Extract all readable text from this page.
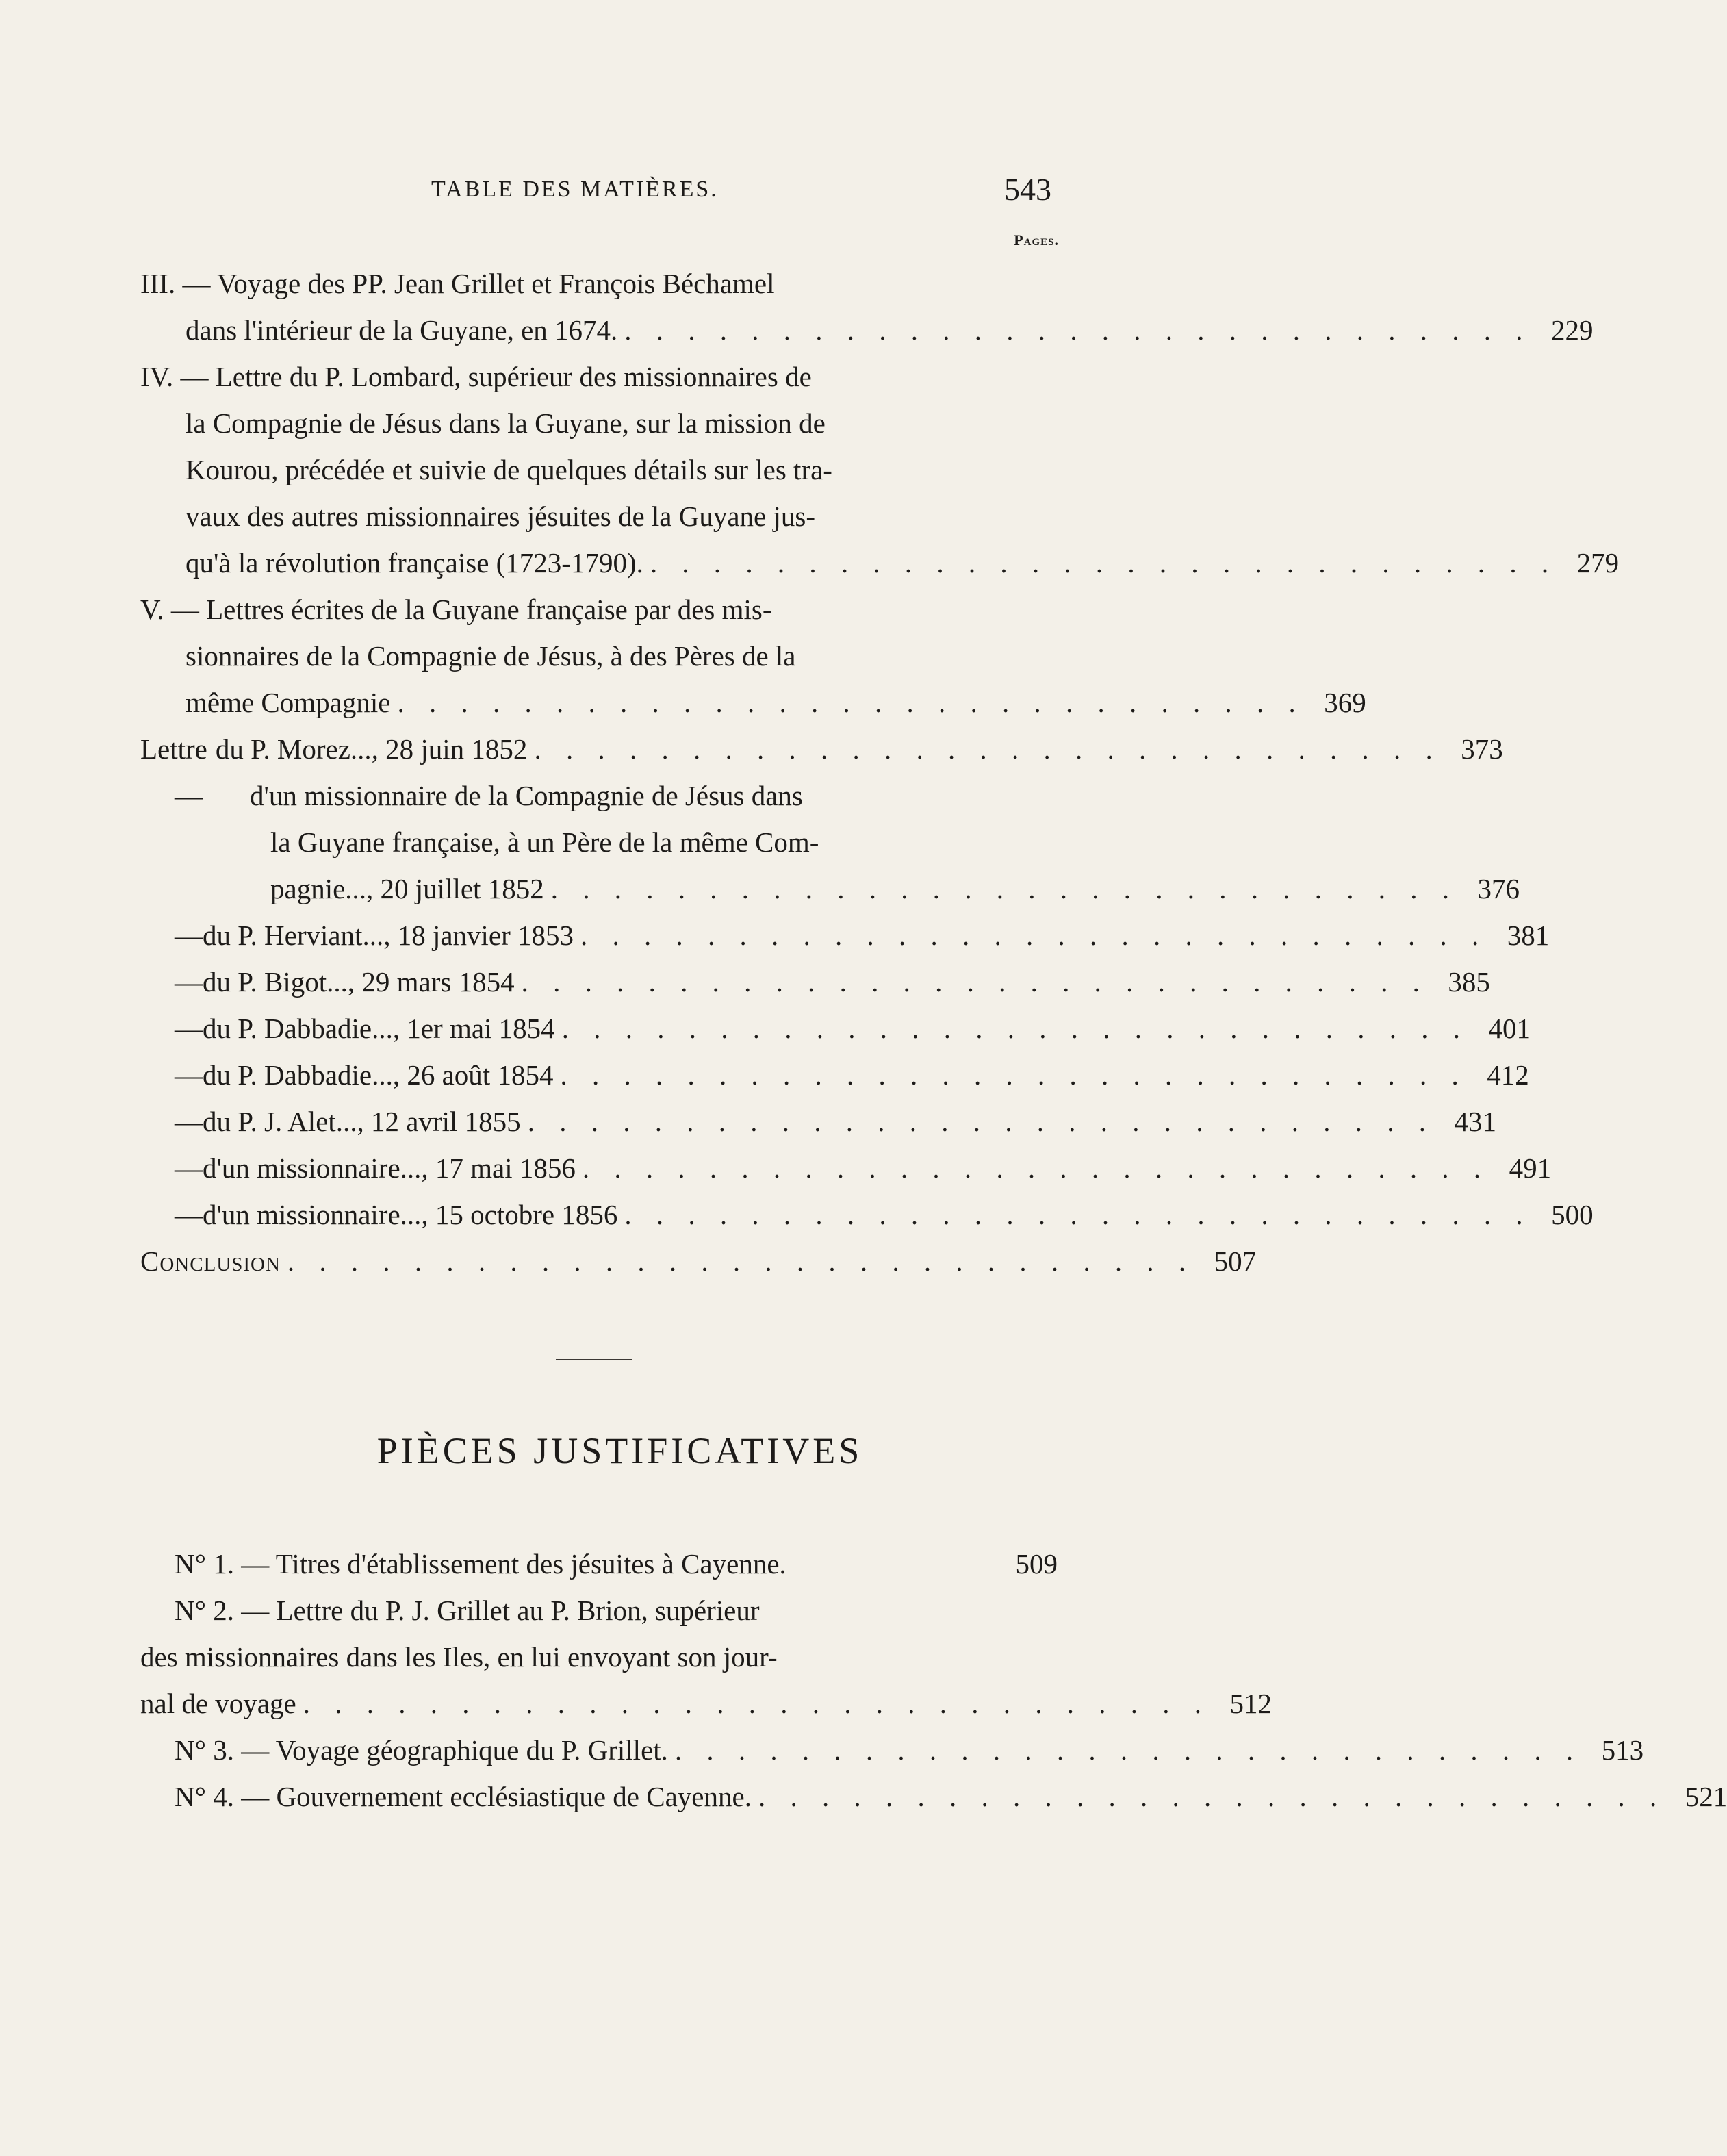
TABLE DES MATIÈRES.	543
Pages.
III. — Voyage des PP. Jean Grillet et François Béchamel
dans l'intérieur de la Guyane, en 1674. . . . . . . . . . . . . . . . . . . . . . . . . . . . . . 229
IV. — Lettre du P. Lombard, supérieur des missionnaires de
la Compagnie de Jésus dans la Guyane, sur la mission de
Kourou, précédée et suivie de quelques détails sur les tra-
vaux des autres missionnaires jésuites de la Guyane jus-
qu'à la révolution française (1723-1790). . . . . . . . . . . . . . . . . . . . . . . . . . . . . . 279
V. — Lettres écrites de la Guyane française par des mis-
sionnaires de la Compagnie de Jésus, à des Pères de la
même Compagnie . . . . . . . . . . . . . . . . . . . . . . . . . . . . . 369
Lettre du P. Morez..., 28 juin 1852 . . . . . . . . . . . . . . . . . . . . . . . . . . . . . 373
— d'un missionnaire de la Compagnie de Jésus dans
la Guyane française, à un Père de la même Com-
pagnie..., 20 juillet 1852 . . . . . . . . . . . . . . . . . . . . . . . . . . . . . 376
— du P. Herviant..., 18 janvier 1853 . . . . . . . . . . . . . . . . . . . . . . . . . . . . . 381
— du P. Bigot..., 29 mars 1854 . . . . . . . . . . . . . . . . . . . . . . . . . . . . . 385
— du P. Dabbadie..., 1er mai 1854 . . . . . . . . . . . . . . . . . . . . . . . . . . . . . 401
— du P. Dabbadie..., 26 août 1854 . . . . . . . . . . . . . . . . . . . . . . . . . . . . . 412
— du P. J. Alet..., 12 avril 1855 . . . . . . . . . . . . . . . . . . . . . . . . . . . . . 431
— d'un missionnaire..., 17 mai 1856 . . . . . . . . . . . . . . . . . . . . . . . . . . . . . 491
— d'un missionnaire..., 15 octobre 1856 . . . . . . . . . . . . . . . . . . . . . . . . . . . . . 500
Conclusion . . . . . . . . . . . . . . . . . . . . . . . . . . . . . 507
PIÈCES JUSTIFICATIVES
N° 1. — Titres d'établissement des jésuites à Cayenne.	509
N° 2. — Lettre du P. J. Grillet au P. Brion, supérieur
des missionnaires dans les Iles, en lui envoyant son jour-
nal de voyage . . . . . . . . . . . . . . . . . . . . . . . . . . . . . 512
N° 3. — Voyage géographique du P. Grillet. . . . . . . . . . . . . . . . . . . . . . . . . . . . . . 513
N° 4. — Gouvernement ecclésiastique de Cayenne. . . . . . . . . . . . . . . . . . . . . . . . . . . . . . 521
